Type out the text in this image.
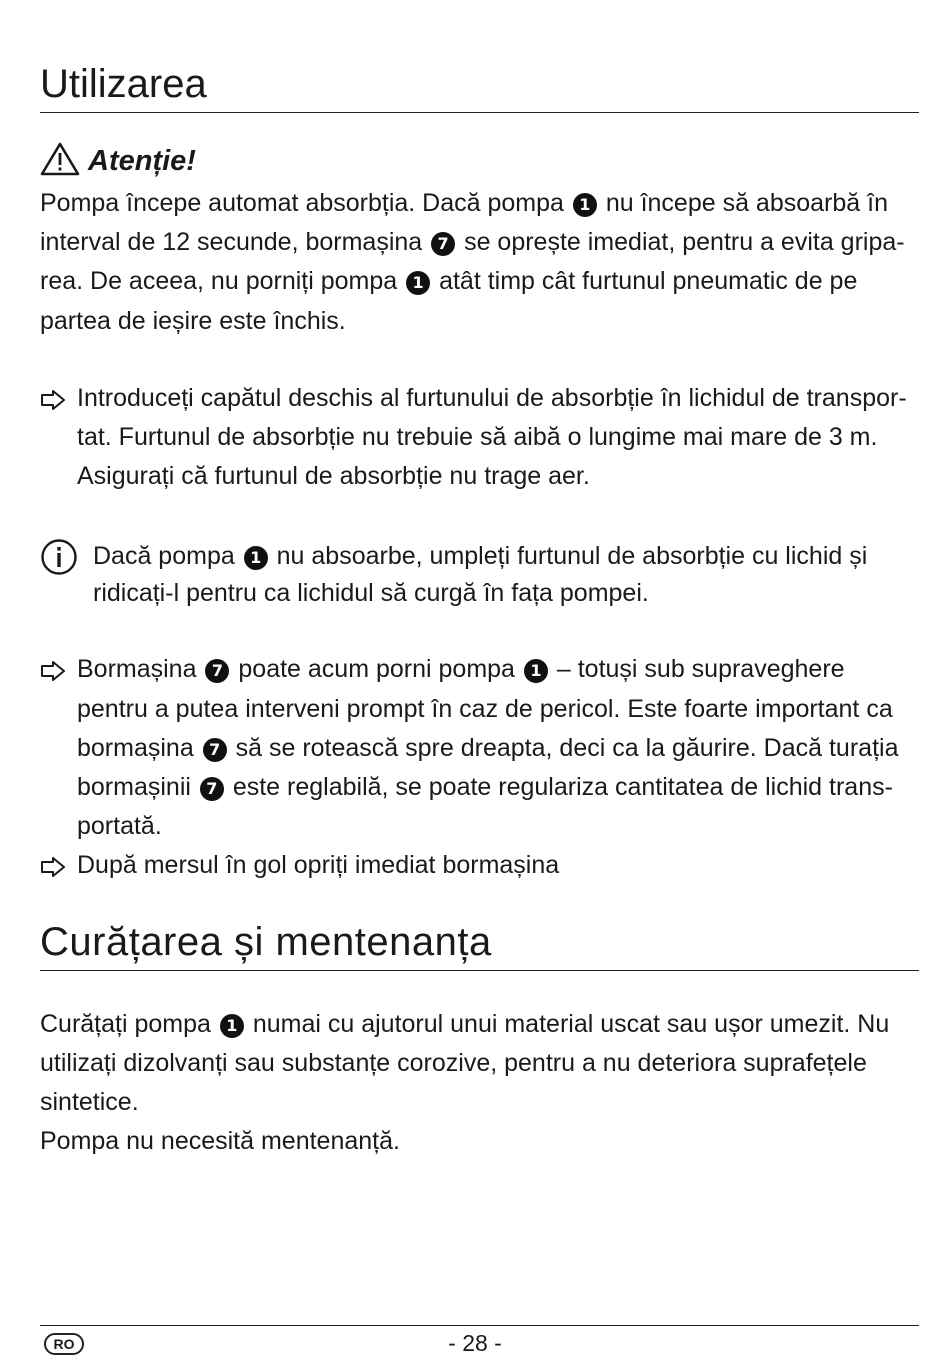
Utilizarea
Atenție!

Pompa începe automat absorbția. Dacă pompa 1 nu începe să absoarbă în interval de 12 secunde, bormașina 7 se oprește imediat, pentru a evita gripa-rea. De aceea, nu porniți pompa 1 atât timp cât furtunul pneumatic de pe partea de ieșire este închis.

Introduceți capătul deschis al furtunului de absorbție în lichidul de transpor-tat. Furtunul de absorbție nu trebuie să aibă o lungime mai mare de 3 m. Asigurați că furtunul de absorbție nu trage aer.
Dacă pompa 1 nu absoarbe, umpleți furtunul de absorbție cu lichid și ridicați-l pentru ca lichidul să curgă în fața pompei.
Bormașina 7 poate acum porni pompa 1 – totuși sub supraveghere pentru a putea interveni prompt în caz de pericol. Este foarte important ca bormașina 7 să se rotească spre dreapta, deci ca la găurire. Dacă turația bormașinii 7 este reglabilă, se poate regulariza cantitatea de lichid trans-portată.
După mersul în gol opriți imediat bormașina
Curățarea și mentenanța

Curățați pompa 1 numai cu ajutorul unui material uscat sau ușor umezit. Nu utilizați dizolvanți sau substanțe corozive, pentru a nu deteriora suprafețele sintetice.

Pompa nu necesită mentenanță.

RO	- 28 -
